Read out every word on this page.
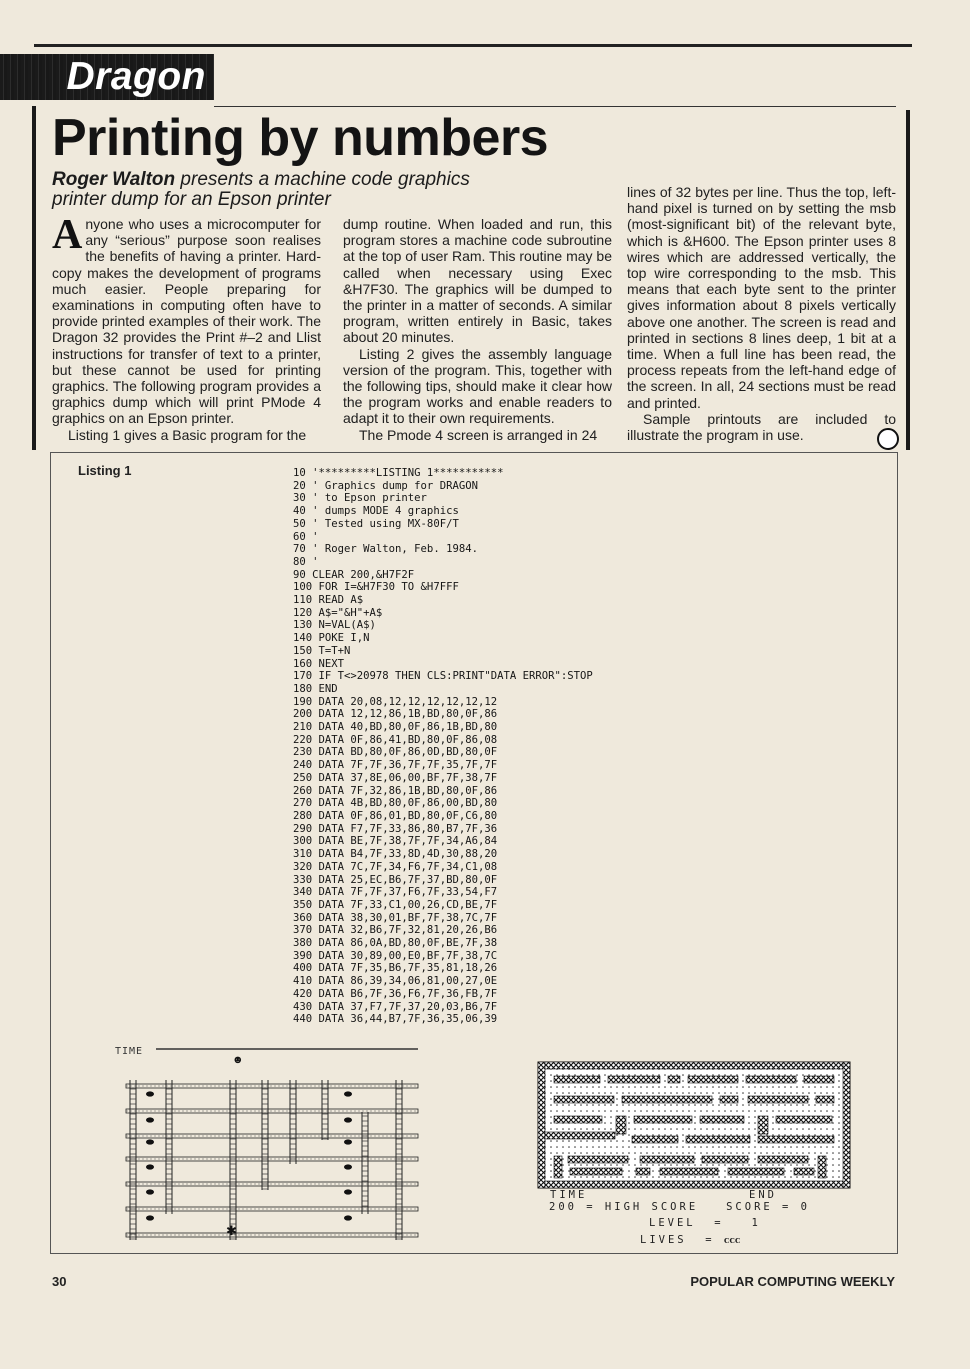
Dragon
Printing by numbers
Roger Walton presents a machine code graphics printer dump for an Epson printer

Anyone who uses a microcomputer for any “serious” purpose soon realises the benefits of having a printer. Hard-copy makes the development of programs much easier. People preparing for examinations in computing often have to provide printed examples of their work. The Dragon 32 provides the Print #–2 and Llist instructions for transfer of text to a printer, but these cannot be used for printing graphics. The following program provides a graphics dump which will print PMode 4 graphics on an Epson printer.

Listing 1 gives a Basic program for the

dump routine. When loaded and run, this program stores a machine code subroutine at the top of user Ram. This routine may be called when necessary using Exec &H7F30. The graphics will be dumped to the printer in a matter of seconds. A similar program, written entirely in Basic, takes about 20 minutes.

Listing 2 gives the assembly language version of the program. This, together with the following tips, should make it clear how the program works and enable readers to adapt it to their own requirements.

The Pmode 4 screen is arranged in 24

lines of 32 bytes per line. Thus the top, left-hand pixel is turned on by setting the msb (most-significant bit) of the relevant byte, which is &H600. The Epson printer uses 8 wires which are addressed vertically, the top wire corresponding to the msb. This means that each byte sent to the printer gives information about 8 pixels vertically above one another. The screen is read and printed in sections 8 lines deep, 1 bit at a time. When a full line has been read, the process repeats from the left-hand edge of the screen. In all, 24 sections must be read and printed.

Sample printouts are included to illustrate the program in use.

Listing 1	10 '*********LISTING 1***********
20 ' Graphics dump for DRAGON
30 ' to Epson printer
40 ' dumps MODE 4 graphics
50 ' Tested using MX-80F/T
60 '
70 ' Roger Walton, Feb. 1984.
80 '
90 CLEAR 200,&H7F2F
100 FOR I=&H7F30 TO &H7FFF
110 READ A$
120 A$="&H"+A$
130 N=VAL(A$)
140 POKE I,N
150 T=T+N
160 NEXT
170 IF T<>20978 THEN CLS:PRINT"DATA ERROR":STOP
180 END
190 DATA 20,08,12,12,12,12,12,12
200 DATA 12,12,86,1B,BD,80,0F,86
210 DATA 40,BD,80,0F,86,1B,BD,80
220 DATA 0F,86,41,BD,80,0F,86,08
230 DATA BD,80,0F,86,0D,BD,80,0F
240 DATA 7F,7F,36,7F,7F,35,7F,7F
250 DATA 37,8E,06,00,BF,7F,38,7F
260 DATA 7F,32,86,1B,BD,80,0F,86
270 DATA 4B,BD,80,0F,86,00,BD,80
280 DATA 0F,86,01,BD,80,0F,C6,80
290 DATA F7,7F,33,86,80,B7,7F,36
300 DATA BE,7F,38,7F,7F,34,A6,84
310 DATA B4,7F,33,8D,4D,30,88,20
320 DATA 7C,7F,34,F6,7F,34,C1,08
330 DATA 25,EC,B6,7F,37,BD,80,0F
340 DATA 7F,7F,37,F6,7F,33,54,F7
350 DATA 7F,33,C1,00,26,CD,BE,7F
360 DATA 38,30,01,BF,7F,38,7C,7F
370 DATA 32,B6,7F,32,81,20,26,B6
380 DATA 86,0A,BD,80,0F,BE,7F,38
390 DATA 30,89,00,E0,BF,7F,38,7C
400 DATA 7F,35,B6,7F,35,81,18,26
410 DATA 86,39,34,06,81,00,27,0E
420 DATA B6,7F,36,F6,7F,36,FB,7F
430 DATA 37,F7,7F,37,20,03,B6,7F
440 DATA 36,44,B7,7F,36,35,06,39
TIME
☻
✱
TIME	END
200 = HIGH SCORE   SCORE = 0
LEVEL  =   1
LIVES  = ᴄᴄᴄ
30	POPULAR COMPUTING WEEKLY
